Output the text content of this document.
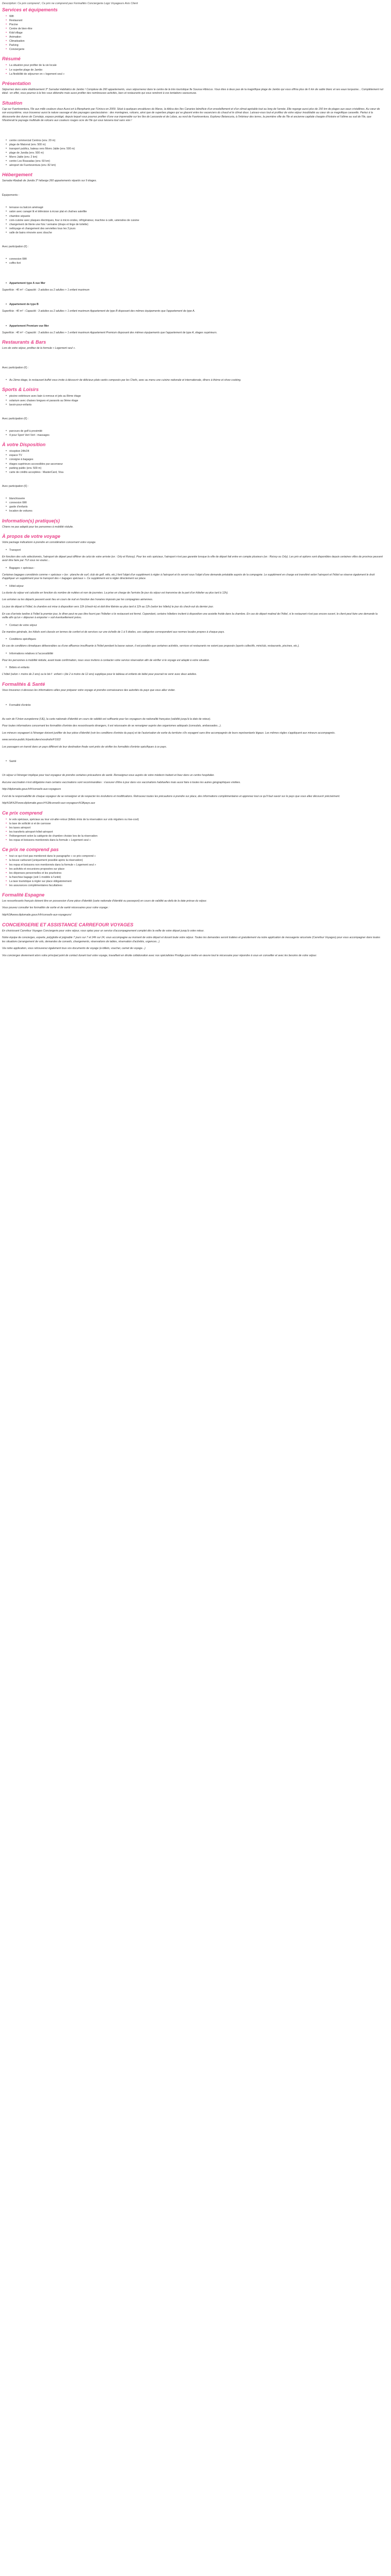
Description: Ce prix comprend ; Ce prix ne comprend pas Formalités Conciergerie Logo Voyageurs Avis Client

Services et équipements
• Wifi
• Restaurant
• Piscine
• Centre de bien-être
• Kids'village
• Animation
• Climatisation
• Parking
• Conciergerie
Résumé
• La situation pour profiter de la vie locale
• Le superbe plage de Jambo
• La flexibilité de séjourner en « logement seul »
Présentation

Séjournez dans votre établissement 3* Sarradar Habitatico de Jambo ! Complexe de 260 appartements, vous séjournerez dans le centre de la très touristique île Soussa Hibiscus. Vous êtes à deux pas de la magnifique plage de Jambo qui vous offrira plus de 6 km de sable blanc et ses eaux turquoise... Complètement nul idéal : en effet, vous pourrez à la fois vous détendre mais aussi profiter des nombreuses activités, bars et restaurants qui vous rendront à vos tentations savoureuse.

Situation

Cap sur Fuerteventura, l'île aux mille couleurs doux Aussi ert à Bienphants par l'Unisco en 2009. Situé à quelques encablures du Maroc, la tiblica des îles Canaries bénéficie d'un ensoleillement et d'un climat agréable tout au long de l'année. Elle regorge aussi plus de 150 km de plages aux eaux cristallines. Au cœur de son ecosystème, vous trouverez aussi la nature sauvage et des paysages spectaculaires : des montagnes, volcans, ainsi que de superbes plages qui se glacent entre les vacanciers du chaud et le climat doux. Laissez-vous tout et profitez de votre séjour inoubliable au cœur de ce magnifique caravelle. Partez à la découverte des dunes de Corralejo, espace protégé, depuis lequel vous pourrez profiter d'une vue imprenable sur les îles de Lanzarote et de Lobos, au nord de Fuerteventura. Explorez Betancuria, à l'intérieur des terres, la première ville de l'île et ancienne capitale chargée d'histoire et l'ultime au sud de l'île, que l'illustrerait le paysage multitude de volcans aux couleurs rouges ocre de l'île qui vous laissera tout sans voix !

• centre commercial Centros (env. 20 m)
• plage de Matorral (env. 500 m)
• transport publics, bateau vers Morro Jable (env. 500 m)
• plage de Jandia (env. 500 m)
• Morro Jable (env. 2 km)
• centre Los Roasadas (env. 60 km)
• aéroport de Fuerteventura (env. 82 km)
Hébergement

Sarradar Ababab de Jandia 3* héberge 260 appartements répartis sur 9 étages.

Équipements :

• terrasse ou balcon aménagé
• salon avec canapé lit et télévision à écran plat et chaînes satellite
• chambre séparée
• coin-cuisine avec plaques électriques, four à micro-ondes, réfrigérateur, machine à café, ustensiles de cuisine
• changement de literie une fois / semaine (draps et linge de toilette)
• nettoyage et changement des serviettes tous les 3 jours
• salle de bains rénovée avec douche

Avec participation (€) :

• connexion Wifi
• coffre-fort
• Appartement type A vue Mer

Superficie : 40 m² - Capacité : 3 adultes ou 2 adultes + 1 enfant maximum

• Appartement de type B

Superficie : 40 m² - Capacité : 3 adultes ou 2 adultes + 1 enfant maximum Appartement de type B disposant des mêmes équipements que l'appartement de type A.

• Appartement Premium vue Mer

Superficie : 40 m² - Capacité : 3 adultes ou 2 adultes + 1 enfant maximum Appartement Premium disposant des mêmes équipements que l'appartement de type A, étages supérieurs.

Restaurants & Bars

Lors de votre séjour, profitez de la formule « Logement seul ».

Avec participation (€) :

• Au 2ème étage, le restaurant buffet vous invite à découvrir de délicieux plats variés composés par les Chefs, avec au menu une cuisine nationale et internationale, dîners à thème et show cooking.
Sports & Loisirs
• piscine extérieure avec bain à remous et jets au 8ème étage
• solarium avec chaises longues et parasols au 9ème étage
• lavoir-pour-enfants

Avec participation (€) :

• parcours de golf à proximité
• 4 pour Sport Vert Vert : massages
À votre Disposition
• réception 24h/24
• espace TV
• consigne à bagages
• étages supérieurs accessibles par ascenseur
• parking public (env. 500 m)
• carte de crédits acceptées : MasterCard, Visa

Avec participation (€) :

• blanchisserie
• connexion Wifi
• garde d'enfants
• location de voitures
Information(s) pratique(s)

Chiens ne pas adapté pour les personnes à mobilité réduite.

À propos de votre voyage

Votre package indicationn à prendre en considération concernant votre voyage.

• Transport

En fonction des vols sélectionnés, l'aéroport de départ peut différer de celui de votre arrivée (ex : Orly et Roissy). Pour les vols spéciaux, l'aéroport n'est pas garantie lorsque la ville de départ fait entre en compte plusieurs (ex : Roissy ou Orly). Les prix et options sont disponibles depuis certaines villes de province peuvent avoir être faire par TUI vous ne voulez...

• Bagages + spéciaux :

Certaines bagages considérés comme « spéciaux » (ex : planche de surf, club de golf, vélo, etc.) font l'objet d'un supplément à régler à l'aéroport et ils seront sous l'objet d'une demande préalable auprès de la compagnie. Le supplément en charge est transféré selon l'aéroport et l'hôtel se réserve également le droit d'appliquer un supplément pour le transport des « bagages spéciaux ». Ce supplément est à régler directement sur place.

• Hôtel-séjour

La durée du séjour est calculée en fonction du nombre de nuitées et non de journées. La prise en charge de l'arrivée (le jour du séjour est transmise de la part d'un hôtelier au plus tard à 12h).

Les arrivées ou les départs peuvent avoir lieu en cours de nuit en fonction des horaires imposés par les compagnies aériennes.

Le jour de départ à l'hôtel, la chambre est mise à disposition vers 12h (check-in) et doit être libérée au plus tard à 12h au 12h (selon les hôtels) le jour du check-out du dernier jour.

En cas d'arrivée tardive à l'hôtel la premier jour, le dîner peut ne pas être fourni par l'hôtelier si le restaurant est fermé. Cependant, certains hôteliers incitent à disposition une assiette froide dans la chambre. En cas de départ matinal de l'hôtel, si le restaurant n'est pas encore ouvert, le client peut faire une demande la veille afin qu'un « déjeuner à emporter » soit éventuellement prévu.

• Contact de votre séjour

De manière générale, les hôtels sont classés en termes de confort et de services sur une échelle de 1 à 5 étoiles, ces catégories correspondent aux normes locales propres à chaque pays.

• Conditions spécifiques

En cas de conditions climatiques défavorables ou d'une affluence insuffisante à l'hôtel pendant la basse saison, il est possible que certaines activités, services et restaurants ne soient pas proposés (sports collectifs, miniclub, restaurants, piscines, etc.).

• Informations relatives à l'accessibilité

Pour les personnes à mobilité réduite, avant toute confirmation, nous vous invitons à contacter votre service réservation afin de vérifier si le voyage est adapté à votre situation.

• Bébés et enfants

L'hôtel (selon « moins de 2 ans) ou le bé-f : enfant » (de 2 à moins de 12 ans) supplique pour le tableau et enfants de bébé pour pourrait ne venir avec deux adultes.

Formalités & Santé

Vous trouverez ci-dessous les informations utiles pour préparer votre voyage et prendre connaissance des autorités du pays que vous allez visiter.

• Formalité d'entrée

Au sein de l'Union européenne (UE), la carte nationale d'identité en cours de validité est suffisante pour les voyageurs de nationalité française (validité jusqu'à la date de retour).

Pour toutes informations concernant les formalités d'entrée des ressortissants étrangers, il est nécessaire de se renseigner auprès des organismes adéquats (consulats, ambassades...).

Les mineurs voyageant à l'étranger doivent justifier de leur pièce d'identité (voir les conditions d'entrée du pays) et de l'autorisation de sortie du territoire s'ils voyagent sans être accompagnés de leurs représentants légaux. Les mêmes règles s'appliquent aux mineurs accompagnés.

www.service-public.fr/particuliers/vosdroits/F1922

Les passagers en transit dans un pays différent de leur destination finale sont priés de vérifier les formalités d'entrée spécifiques à ce pays.

• Santé

Un séjour à l'étranger implique pour tout voyageur de prendre certaines précautions de santé. Renseignez-vous auprès de votre médecin traitant et lisez dans un centre hospitalier.

Aucune vaccination n'est obligatoire mais certains vaccinations sont recommandées : s'assurer d'être à jour dans vos vaccinations habituelles mais aussi faire à toutes les autres géographiques visitées.

http://diplomatie.gouv.fr/fr/conseils-aux-voyageurs

Il est de la responsabilité de chaque voyageur de se renseigner et de respecter les évolutions et modifications. Retrouvez toutes les précautions à prendre sur place, des informations complémentaires et apprenez tout ce qu'il faut savoir sur le pays que vous allez découvrir précisément.

http%3A%2Fwww.diplomatie.gouv.fr%3Aconseils-aux-voyageurs%3Apays.aux

Ce prix comprend
• le vols spéciaux, spéciaux au tour vol-aller-retour (billets émis de la réservation sur vols réguliers ou low-cost)
• la taxe de sollicité si et de carrosse
• les taxes aéroport
• les transferts aéroport-hôtel-aéroport
• l'hébergement selon la catégorie de chambre choisie lors de la réservation
• les repas et boissons mentionnés dans la formule « Logement seul »
Ce prix ne comprend pas
• tout ce qui n'est pas mentionné dans le paragraphe « ce prix comprend »
• la bouse carburant (uniquement possible après la réservation)
• les repas et boissons non mentionnés dans la formule « Logement seul »
• les activités et excursions proposées sur place
• les dépenses personnelles et les pourboires
• la franchise bagage (soit 1 modèle à l'unité)
• La taxe touristique à régler sur place obligatoirement
• les assurances complémentaires facultatives
Formalité Espagne

Les ressortissants français doivent être en possession d'une pièce d'identité (carte nationale d'identité ou passeport) en cours de validité au-delà de la date prévue du séjour.

Vous pouvez consulter les formalités de sortie et de santé nécessaires pour votre voyage :

http%3Awww.diplomatie.gouv.fr/fr/conseils-aux-voyageurs/

CONCIERGERIE ET ASSISTANCE CARREFOUR VOYAGES

En choisissant Carrefour Voyages Conciergerie pour votre séjour, vous optez pour un service d'accompagnement complet dès la veille de votre départ jusqu'à votre retour.

Notre équipe de concierges, experte, polyglotte et joignable 7 jours sur 7 et 24h sur 24, vous accompagne au moment de votre départ et durant toute votre séjour. Toutes les demandes seront traitées et gratuitement via notre application de messagerie sécurisée (Carrefour Voyages) pour vous accompagner dans toutes les situations (arrangement de vols, demandes de conseils, changements, réservations de tables, réservation d'activités, urgences...)

Via notre application, vous retrouverez également tous vos documents de voyage (e-billets, voucher, carnet de voyage...)

Vos concierges deviennent alors votre principal point de contact durant tout votre voyage, travaillant en étroite collaboration avec nos spécialistes Prodige pour mettre en œuvre tout le nécessaire pour répondre à vous en conseiller et avec les besoins de votre séjour.
